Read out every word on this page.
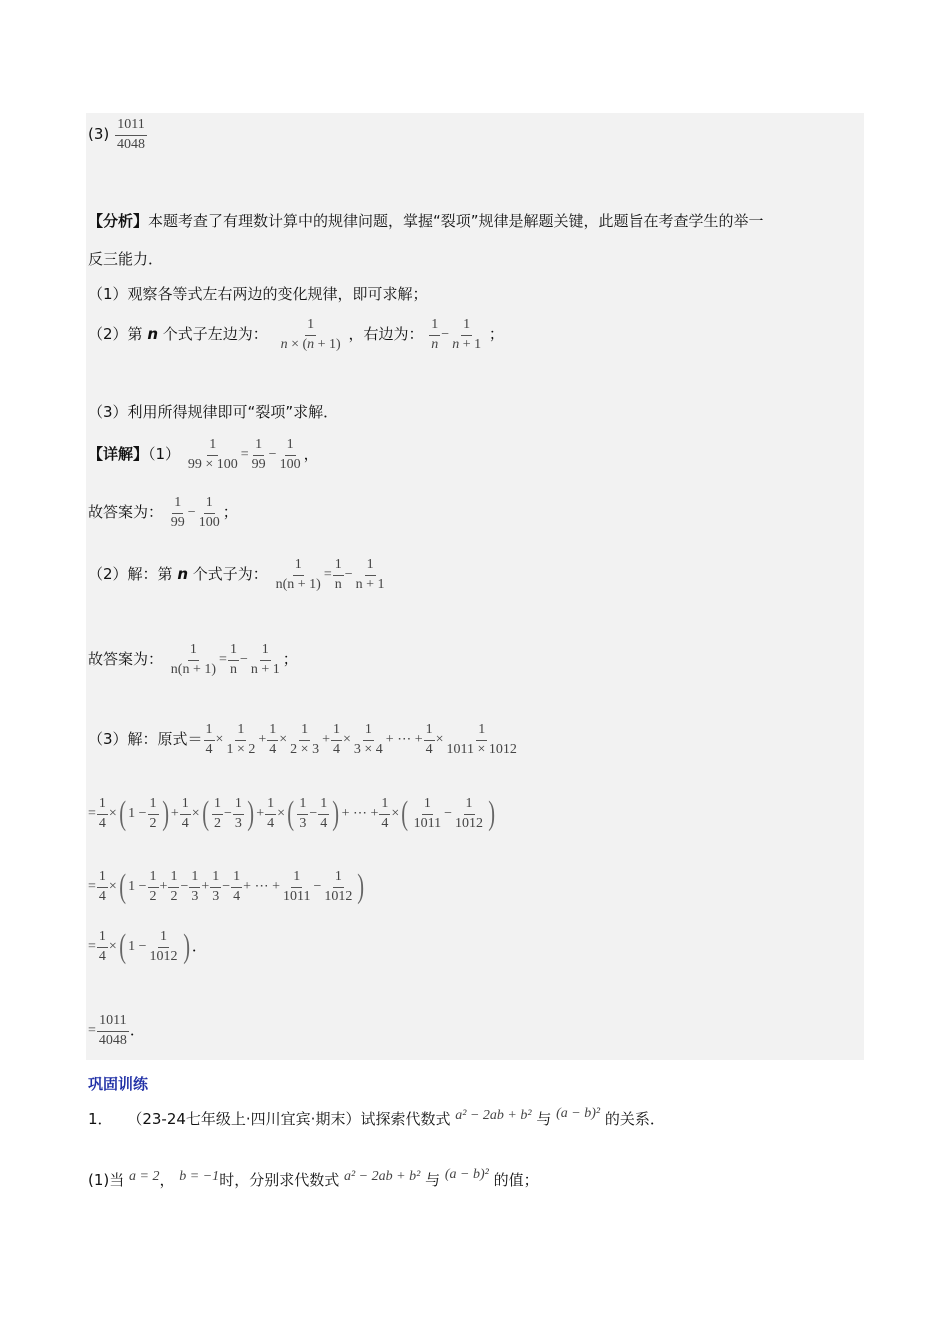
$(3) \frac{1011}{4048}$
【分析】本题考查了有理数计算中的规律问题，掌握“裂项”规律是解题关键，此题旨在考查学生的举一
反三能力．
（1）观察各等式左右两边的变化规律，即可求解；
（2）第 n 个式子左边为： $\frac{1}{n \times (n + 1)}$ ，右边为： $\frac{1}{n} - \frac{1}{n + 1}$ ；
（3）利用所得规律即可“裂项”求解．
【详解】$(1) \frac{1}{99 \times 100} = \frac{1}{99} - \frac{1}{100}$ ，
故答案为： $\frac{1}{99} - \frac{1}{100}$ ；
（2）解：第 n 个式子为： $\frac{1}{n(n + 1)} = \frac{1}{n} - \frac{1}{n + 1}$
故答案为： $\frac{1}{n(n + 1)} = \frac{1}{n} - \frac{1}{n + 1}$ ；
（3）解：原式＝ $\frac{1}{4} \times \frac{1}{1 \times 2} + \frac{1}{4} \times \frac{1}{2 \times 3} + \frac{1}{4} \times \frac{1}{3 \times 4}$ + ⋯ + $\frac{1}{4} \times \frac{1}{1011 \times 1012}$
= $\frac{1}{4}$ ×( $1 - \frac{1}{2}$ ) + $\frac{1}{4}$ ×( $\frac{1}{2} - \frac{1}{3}$ ) + $\frac{1}{4}$ ×( $\frac{1}{3} - \frac{1}{4}$ ) + ⋯ + $\frac{1}{4}$ ×( $\frac{1}{1011} - \frac{1}{1012}$ )
= $\frac{1}{4}$ ×( $1 - \frac{1}{2} + \frac{1}{2} - \frac{1}{3} + \frac{1}{3} - \frac{1}{4}$ + ⋯ + $\frac{1}{1011} - \frac{1}{1012}$ )
= $\frac{1}{4}$ ×( $1 - \frac{1}{1012}$ ) ．
= $\frac{1011}{4048}$ ．
巩固训练
1． （23-24七年级上·四川宜宾·期末）试探索代数式 a² − 2ab + b² 与 (a − b)² 的关系．
(1)当 a = 2， b = −1时，分别求代数式 a² − 2ab + b² 与 (a − b)² 的值；
